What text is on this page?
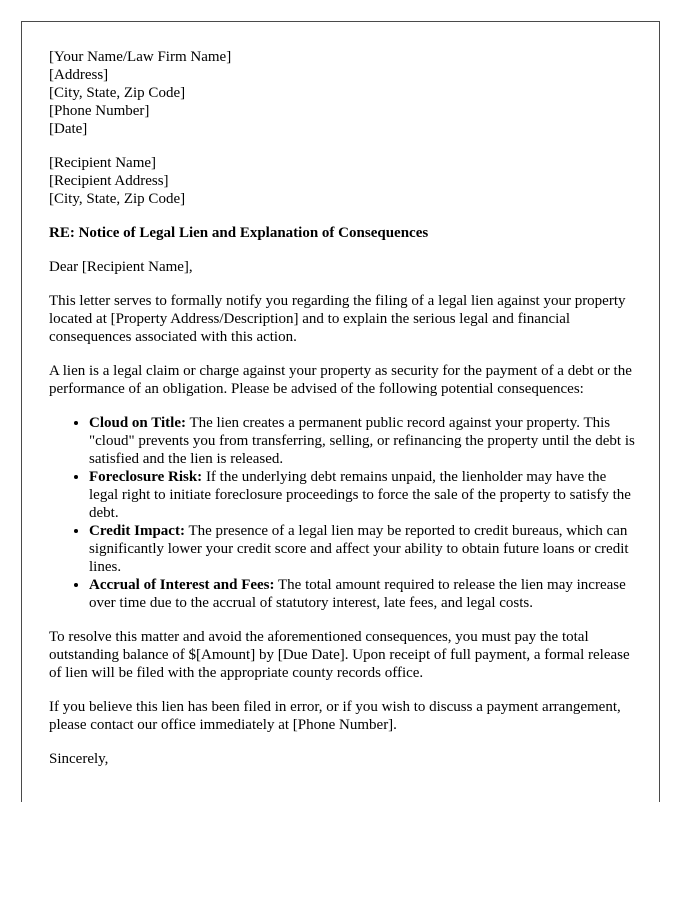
[Your Name/Law Firm Name]
[Address]
[City, State, Zip Code]
[Phone Number]
[Date]
[Recipient Name]
[Recipient Address]
[City, State, Zip Code]
RE: Notice of Legal Lien and Explanation of Consequences

Dear [Recipient Name],

This letter serves to formally notify you regarding the filing of a legal lien against your property located at [Property Address/Description] and to explain the serious legal and financial consequences associated with this action.

A lien is a legal claim or charge against your property as security for the payment of a debt or the performance of an obligation. Please be advised of the following potential consequences:

• Cloud on Title: The lien creates a permanent public record against your property. This "cloud" prevents you from transferring, selling, or refinancing the property until the debt is satisfied and the lien is released.
• Foreclosure Risk: If the underlying debt remains unpaid, the lienholder may have the legal right to initiate foreclosure proceedings to force the sale of the property to satisfy the debt.
• Credit Impact: The presence of a legal lien may be reported to credit bureaus, which can significantly lower your credit score and affect your ability to obtain future loans or credit lines.
• Accrual of Interest and Fees: The total amount required to release the lien may increase over time due to the accrual of statutory interest, late fees, and legal costs.

To resolve this matter and avoid the aforementioned consequences, you must pay the total outstanding balance of $[Amount] by [Due Date]. Upon receipt of full payment, a formal release of lien will be filed with the appropriate county records office.

If you believe this lien has been filed in error, or if you wish to discuss a payment arrangement, please contact our office immediately at [Phone Number].

Sincerely,
